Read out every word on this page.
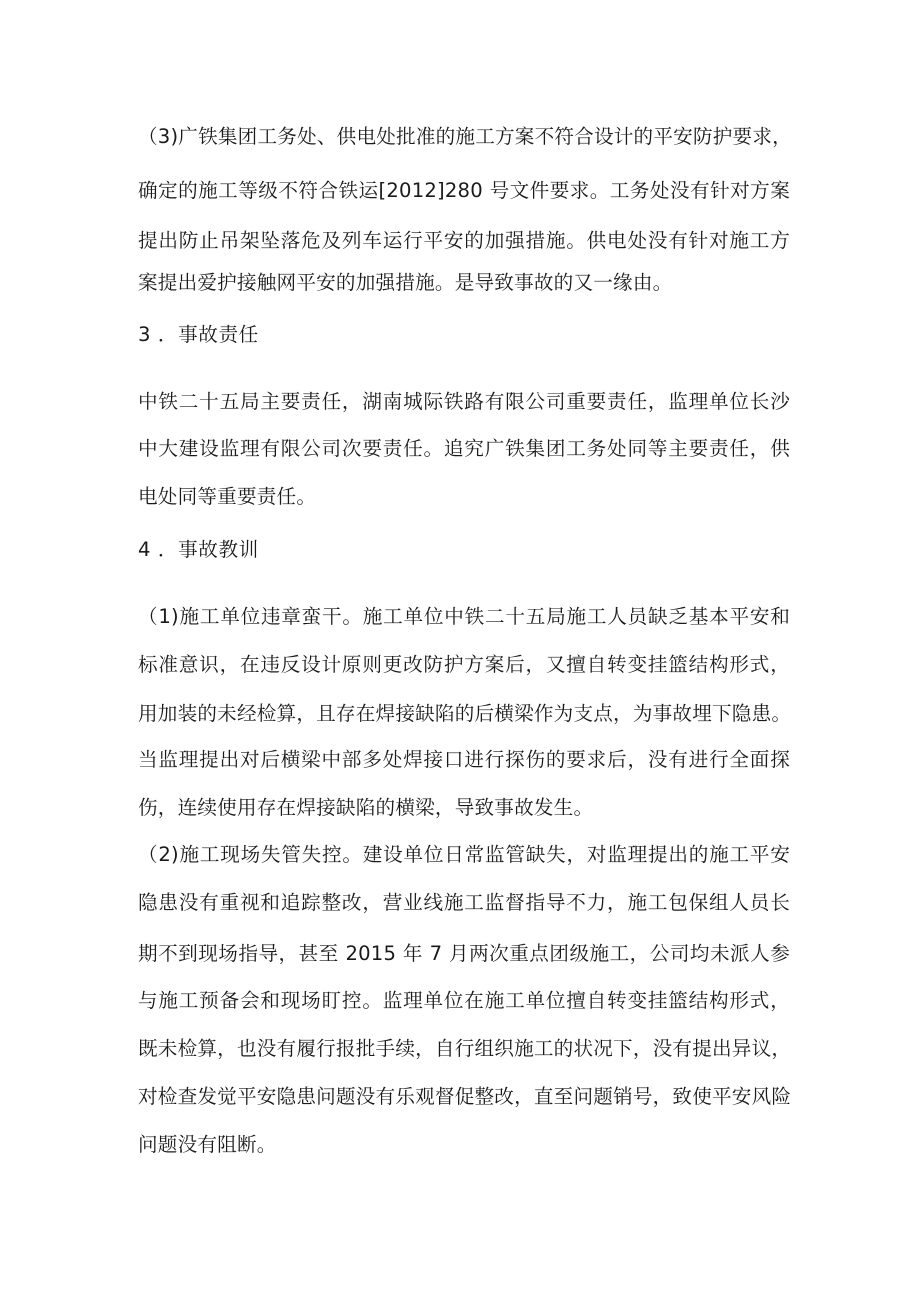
（3)广铁集团工务处、供电处批准的施工方案不符合设计的平安防护要求，

确定的施工等级不符合铁运[2012]280 号文件要求。工务处没有针对方案

提出防止吊架坠落危及列车运行平安的加强措施。供电处没有针对施工方

案提出爱护接触网平安的加强措施。是导致事故的又一缘由。

3 ．事故责任

中铁二十五局主要责任，湖南城际铁路有限公司重要责任，监理单位长沙

中大建设监理有限公司次要责任。追究广铁集团工务处同等主要责任，供

电处同等重要责任。

4 ．事故教训

（1)施工单位违章蛮干。施工单位中铁二十五局施工人员缺乏基本平安和

标准意识，在违反设计原则更改防护方案后，又擅自转变挂篮结构形式，

用加装的未经检算，且存在焊接缺陷的后横梁作为支点，为事故埋下隐患。

当监理提出对后横梁中部多处焊接口进行探伤的要求后，没有进行全面探

伤，连续使用存在焊接缺陷的横梁，导致事故发生。

（2)施工现场失管失控。建设单位日常监管缺失，对监理提出的施工平安

隐患没有重视和追踪整改，营业线施工监督指导不力，施工包保组人员长

期不到现场指导，甚至 2015 年 7 月两次重点团级施工，公司均未派人参

与施工预备会和现场盯控。监理单位在施工单位擅自转变挂篮结构形式，

既未检算，也没有履行报批手续，自行组织施工的状况下，没有提出异议，

对检查发觉平安隐患问题没有乐观督促整改，直至问题销号，致使平安风险

问题没有阻断。
